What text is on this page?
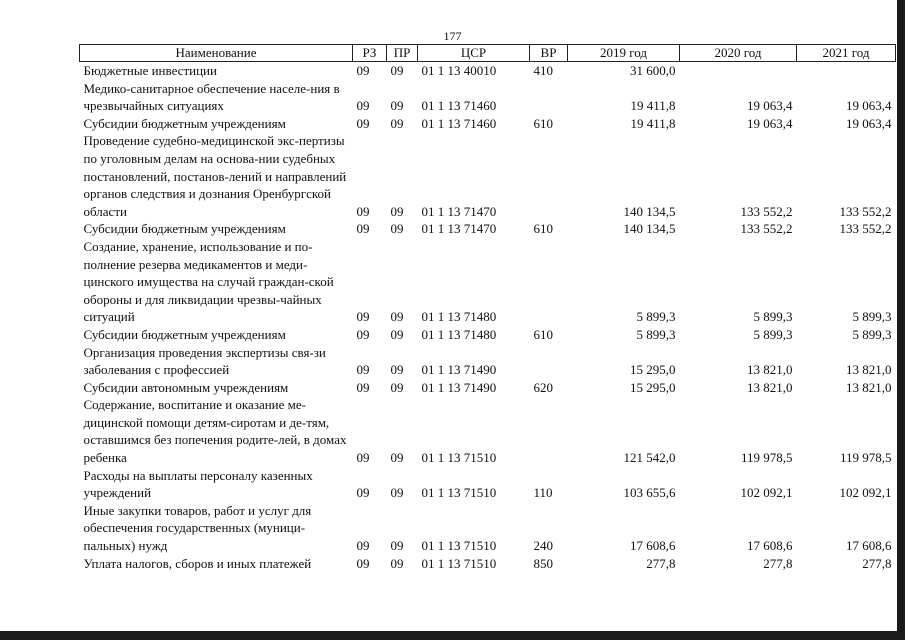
177
Наименование	РЗ	ПР	ЦСР	ВР	2019 год	2020 год	2021 год
Бюджетные инвестиции	09	09	01 1 13 40010	410	31 600,0		
Медико-санитарное обеспечение населе-ния в чрезвычайных ситуациях	09	09	01 1 13 71460		19 411,8	19 063,4	19 063,4
Субсидии бюджетным учреждениям	09	09	01 1 13 71460	610	19 411,8	19 063,4	19 063,4
Проведение судебно-медицинской экс-пертизы по уголовным делам на основа-нии судебных постановлений, постанов-лений и направлений органов следствия и дознания Оренбургской области	09	09	01 1 13 71470		140 134,5	133 552,2	133 552,2
Субсидии бюджетным учреждениям	09	09	01 1 13 71470	610	140 134,5	133 552,2	133 552,2
Создание, хранение, использование и по-полнение резерва медикаментов и меди-цинского имущества на случай граждан-ской обороны и для ликвидации чрезвы-чайных ситуаций	09	09	01 1 13 71480		5 899,3	5 899,3	5 899,3
Субсидии бюджетным учреждениям	09	09	01 1 13 71480	610	5 899,3	5 899,3	5 899,3
Организация проведения экспертизы свя-зи заболевания с профессией	09	09	01 1 13 71490		15 295,0	13 821,0	13 821,0
Субсидии автономным учреждениям	09	09	01 1 13 71490	620	15 295,0	13 821,0	13 821,0
Содержание, воспитание и оказание ме-дицинской помощи детям-сиротам и де-тям, оставшимся без попечения родите-лей, в домах ребенка	09	09	01 1 13 71510		121 542,0	119 978,5	119 978,5
Расходы на выплаты персоналу казенных учреждений	09	09	01 1 13 71510	110	103 655,6	102 092,1	102 092,1
Иные закупки товаров, работ и услуг для обеспечения государственных (муници-пальных) нужд	09	09	01 1 13 71510	240	17 608,6	17 608,6	17 608,6
Уплата налогов, сборов и иных платежей	09	09	01 1 13 71510	850	277,8	277,8	277,8
